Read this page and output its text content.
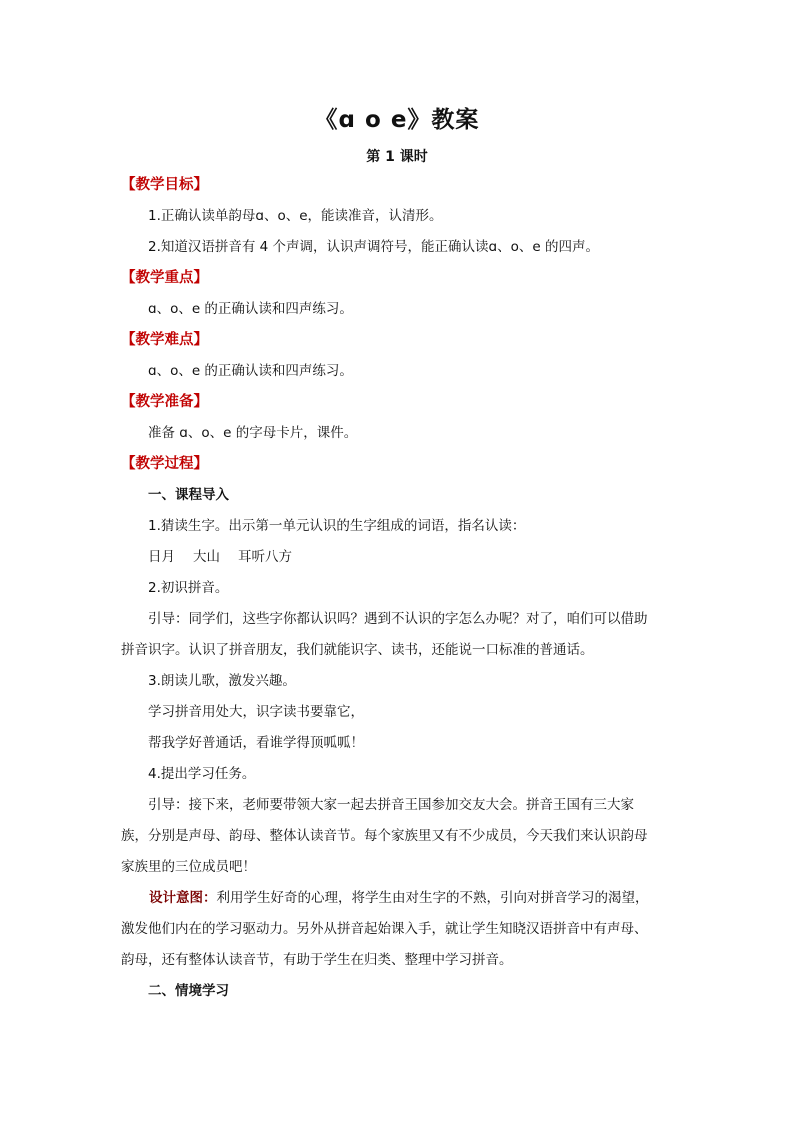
《ɑ o e》教案
第 1 课时
【教学目标】
1.正确认读单韵母ɑ、o、e，能读准音，认清形。
2.知道汉语拼音有 4 个声调，认识声调符号，能正确认读ɑ、o、e 的四声。
【教学重点】
ɑ、o、e 的正确认读和四声练习。
【教学难点】
ɑ、o、e 的正确认读和四声练习。
【教学准备】
准备 ɑ、o、e 的字母卡片，课件。
【教学过程】
一、课程导入
1.猜读生字。出示第一单元认识的生字组成的词语，指名认读：
日月 大山 耳听八方
2.初识拼音。
引导：同学们，这些字你都认识吗？遇到不认识的字怎么办呢？对了，咱们可以借助
拼音识字。认识了拼音朋友，我们就能识字、读书，还能说一口标准的普通话。
3.朗读儿歌，激发兴趣。
学习拼音用处大，识字读书要靠它，
帮我学好普通话，看谁学得顶呱呱！
4.提出学习任务。
引导：接下来，老师要带领大家一起去拼音王国参加交友大会。拼音王国有三大家
族，分别是声母、韵母、整体认读音节。每个家族里又有不少成员，今天我们来认识韵母
家族里的三位成员吧！
设计意图：利用学生好奇的心理，将学生由对生字的不熟，引向对拼音学习的渴望，
激发他们内在的学习驱动力。另外从拼音起始课入手，就让学生知晓汉语拼音中有声母、
韵母，还有整体认读音节，有助于学生在归类、整理中学习拼音。
二、情境学习
